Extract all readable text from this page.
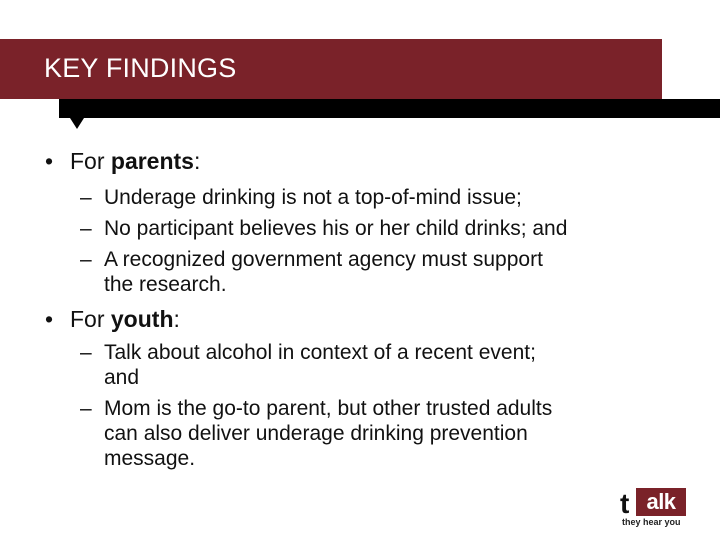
KEY FINDINGS
• For parents:
– Underage drinking is not a top-of-mind issue;
– No participant believes his or her child drinks; and
– A recognized government agency must support
the research.
• For youth:
– Talk about alcohol in context of a recent event;
and
– Mom is the go-to parent, but other trusted adults
can also deliver underage drinking prevention
message.
t alk
they hear you
